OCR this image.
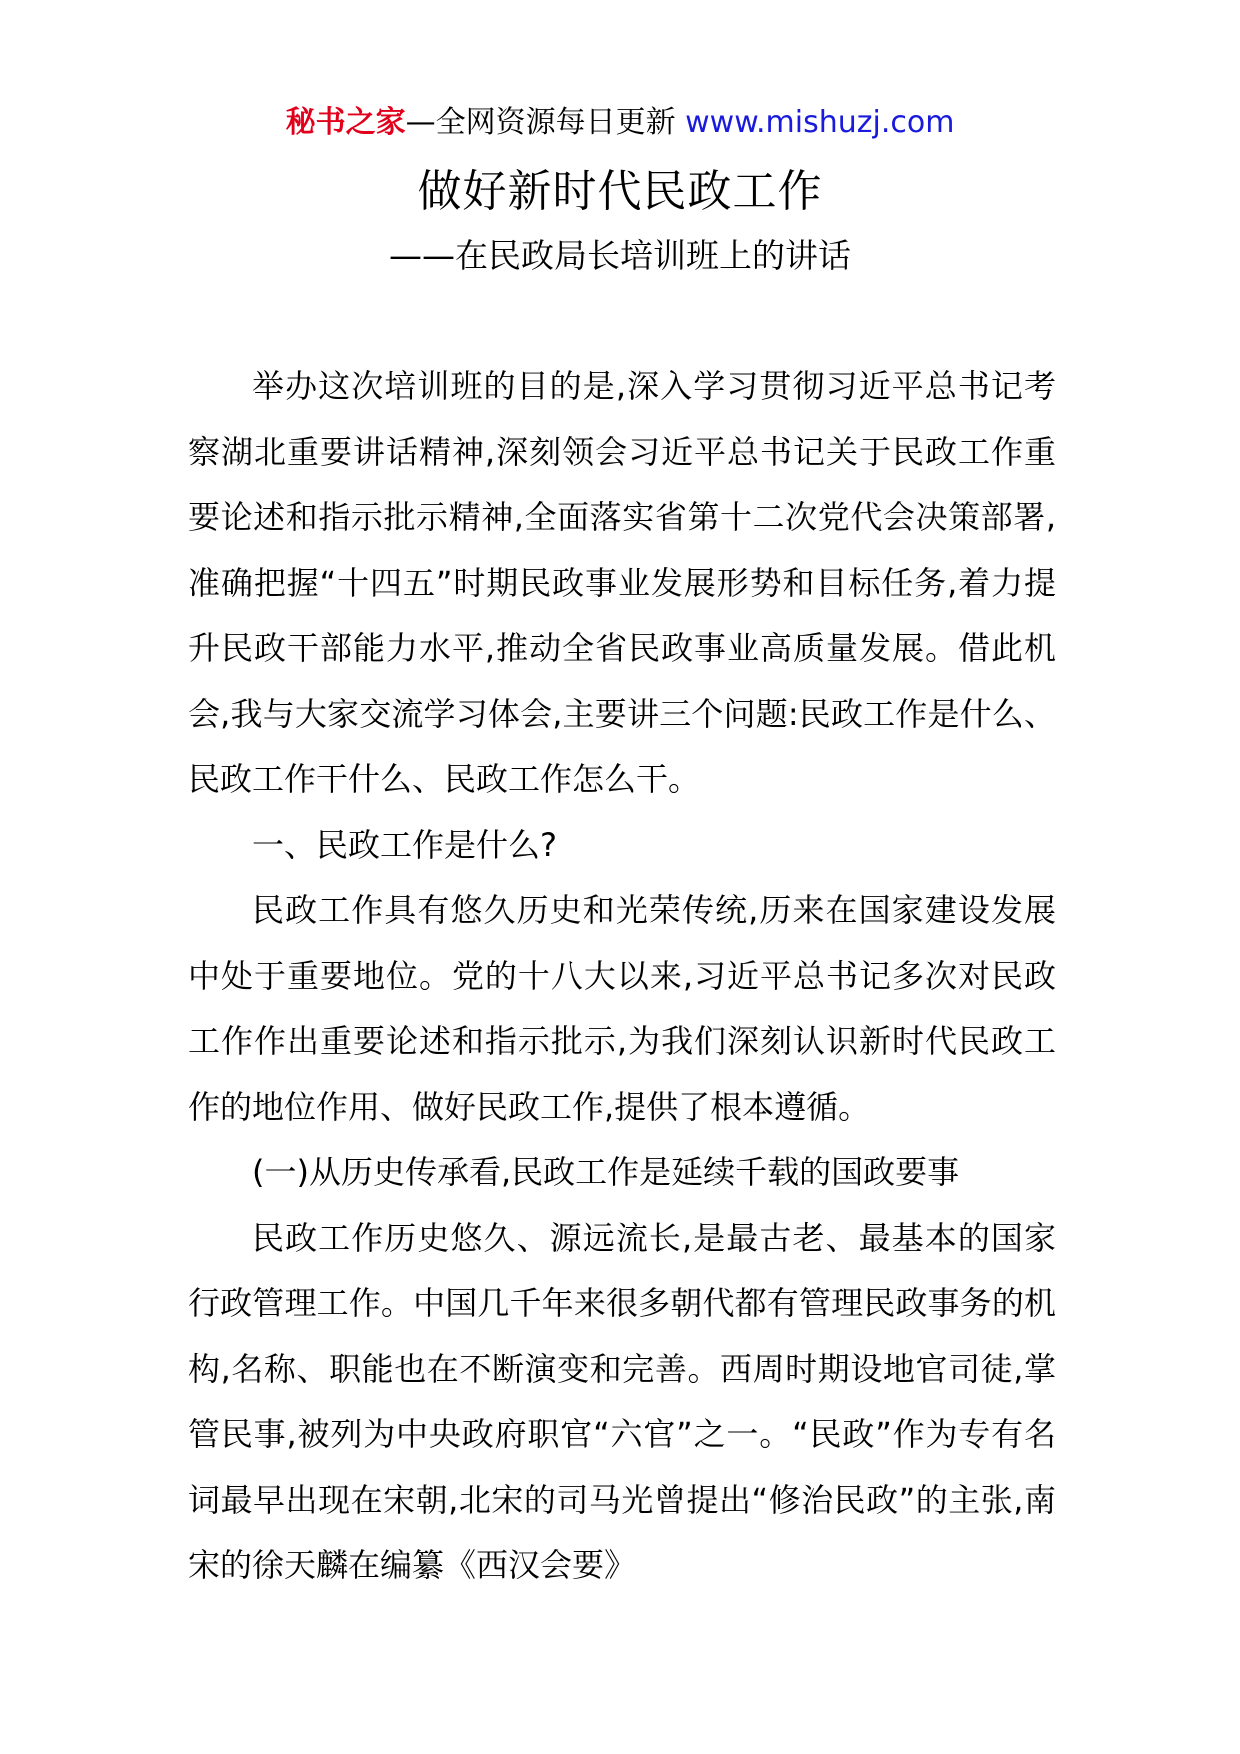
秘书之家—全网资源每日更新 www.mishuzj.com
做好新时代民政工作
——在民政局长培训班上的讲话

举办这次培训班的目的是,深入学习贯彻习近平总书记考察湖北重要讲话精神,深刻领会习近平总书记关于民政工作重要论述和指示批示精神,全面落实省第十二次党代会决策部署,准确把握“十四五”时期民政事业发展形势和目标任务,着力提升民政干部能力水平,推动全省民政事业高质量发展。借此机会,我与大家交流学习体会,主要讲三个问题:民政工作是什么、民政工作干什么、民政工作怎么干。

一、民政工作是什么?

民政工作具有悠久历史和光荣传统,历来在国家建设发展中处于重要地位。党的十八大以来,习近平总书记多次对民政工作作出重要论述和指示批示,为我们深刻认识新时代民政工作的地位作用、做好民政工作,提供了根本遵循。

(一)从历史传承看,民政工作是延续千载的国政要事

民政工作历史悠久、源远流长,是最古老、最基本的国家行政管理工作。中国几千年来很多朝代都有管理民政事务的机构,名称、职能也在不断演变和完善。西周时期设地官司徒,掌管民事,被列为中央政府职官“六官”之一。“民政”作为专有名词最早出现在宋朝,北宋的司马光曾提出“修治民政”的主张,南宋的徐天麟在编纂《西汉会要》
